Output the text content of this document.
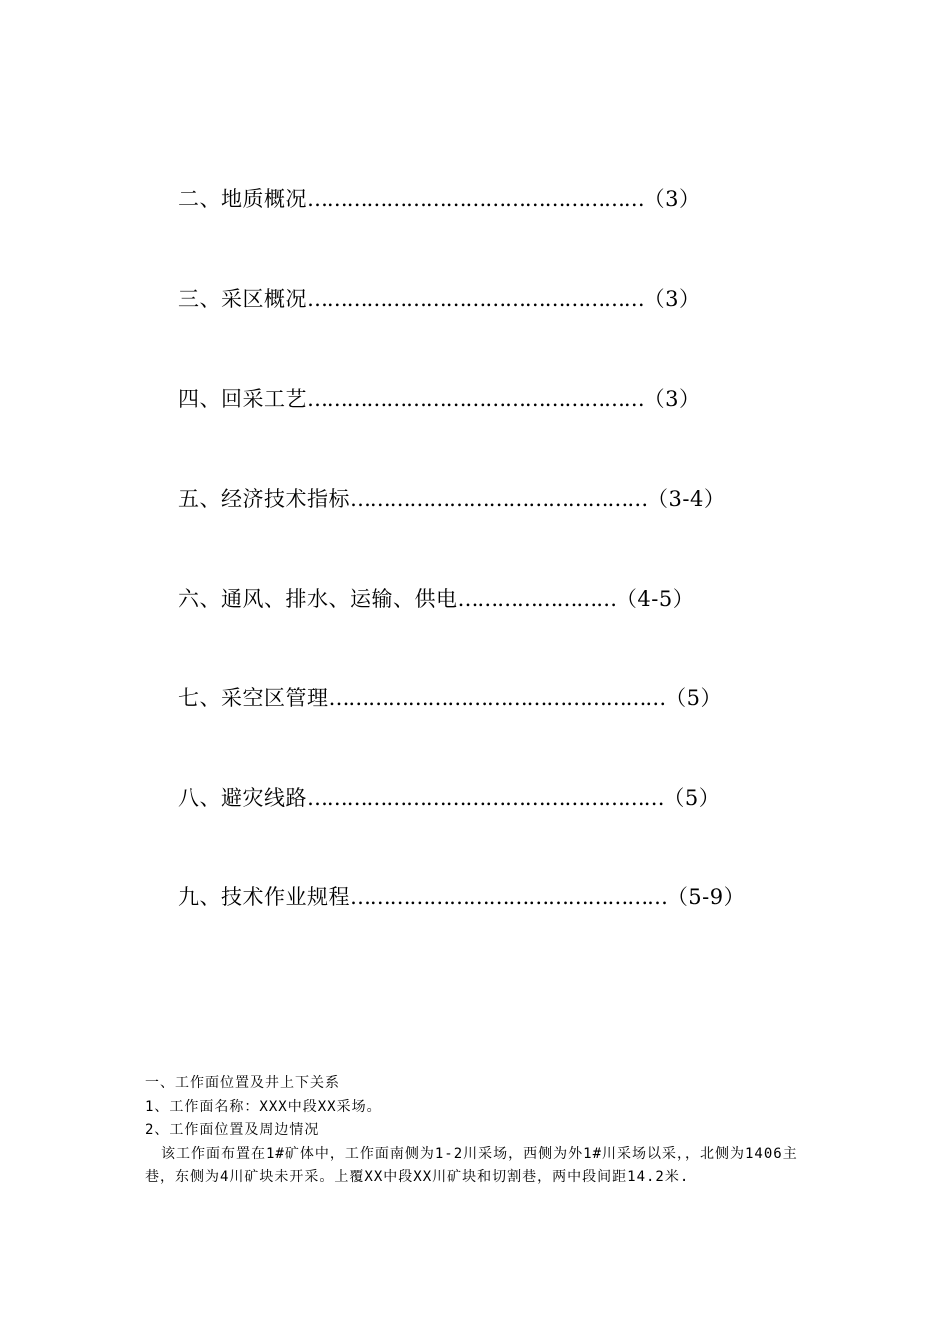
二、地质概况……………………………………………（3）
三、采区概况……………………………………………（3）
四、回采工艺……………………………………………（3）
五、经济技术指标………………………………………（3-4）
六、通风、排水、运输、供电……………………（4-5）
七、采空区管理……………………………………………（5）
八、避灾线路………………………………………………（5）
九、技术作业规程…………………………………………（5-9）

一、工作面位置及井上下关系

1、工作面名称：XXX中段XX采场。

2、工作面位置及周边情况

该工作面布置在1#矿体中，工作面南侧为1-2川采场，西侧为外1#川采场以采，，北侧为1406主巷，东侧为4川矿块未开采。上覆XX中段XX川矿块和切割巷，两中段间距14.2米.
